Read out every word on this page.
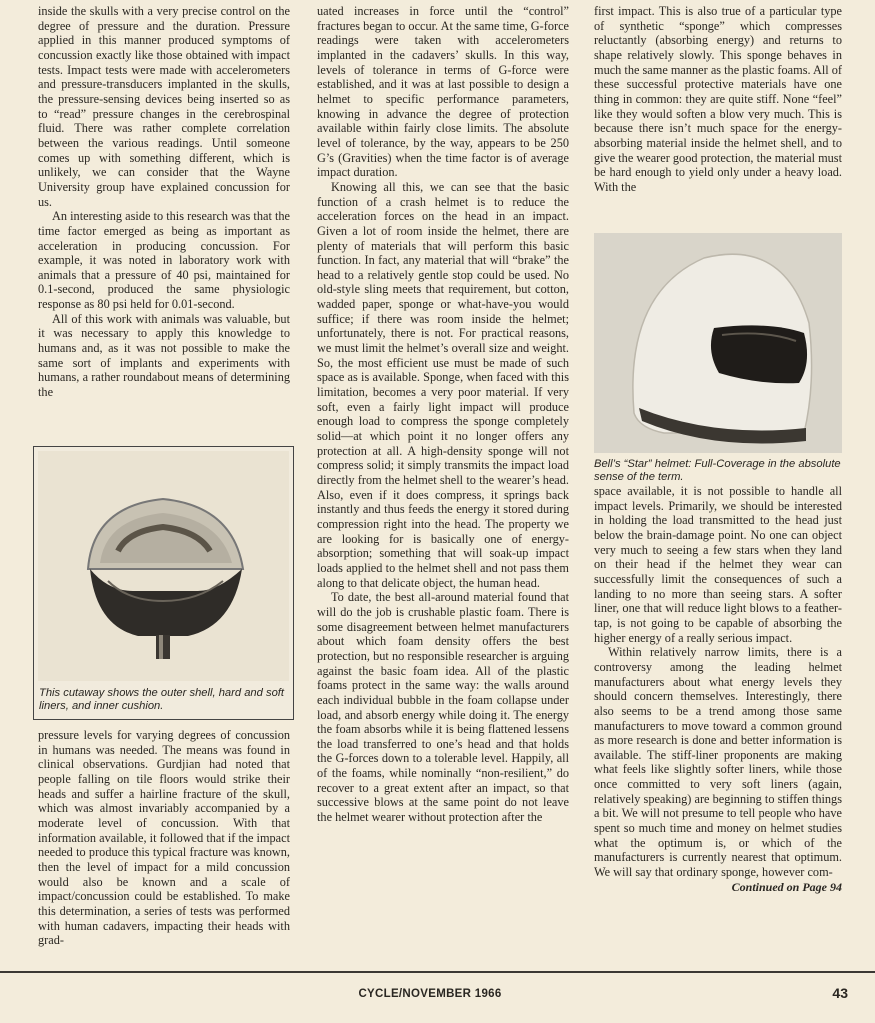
inside the skulls with a very precise control on the degree of pressure and the duration. Pressure applied in this manner produced symptoms of concussion exactly like those obtained with impact tests. Impact tests were made with accelerometers and pressure-transducers implanted in the skulls, the pressure-sensing devices being inserted so as to “read” pressure changes in the cerebrospinal fluid. There was rather complete correlation between the various readings. Until someone comes up with something different, which is unlikely, we can consider that the Wayne University group have explained concussion for us.

An interesting aside to this research was that the time factor emerged as being as important as acceleration in producing concussion. For example, it was noted in laboratory work with animals that a pressure of 40 psi, maintained for 0.1-second, produced the same physiologic response as 80 psi held for 0.01-second.

All of this work with animals was valuable, but it was necessary to apply this knowledge to humans and, as it was not possible to make the same sort of implants and experiments with humans, a rather roundabout means of determining the

This cutaway shows the outer shell, hard and soft liners, and inner cushion.

pressure levels for varying degrees of concussion in humans was needed. The means was found in clinical observations. Gurdjian had noted that people falling on tile floors would strike their heads and suffer a hairline fracture of the skull, which was almost invariably accompanied by a moderate level of concussion. With that information available, it followed that if the impact needed to produce this typical fracture was known, then the level of impact for a mild concussion would also be known and a scale of impact/concussion could be established. To make this determination, a series of tests was performed with human cadavers, impacting their heads with grad-

uated increases in force until the “control” fractures began to occur. At the same time, G-force readings were taken with accelerometers implanted in the cadavers’ skulls. In this way, levels of tolerance in terms of G-force were established, and it was at last possible to design a helmet to specific performance parameters, knowing in advance the degree of protection available within fairly close limits. The absolute level of tolerance, by the way, appears to be 250 G’s (Gravities) when the time factor is of average impact duration.

Knowing all this, we can see that the basic function of a crash helmet is to reduce the acceleration forces on the head in an impact. Given a lot of room inside the helmet, there are plenty of materials that will perform this basic function. In fact, any material that will “brake” the head to a relatively gentle stop could be used. No old-style sling meets that requirement, but cotton, wadded paper, sponge or what-have-you would suffice; if there was room inside the helmet; unfortunately, there is not. For practical reasons, we must limit the helmet’s overall size and weight. So, the most efficient use must be made of such space as is available. Sponge, when faced with this limitation, becomes a very poor material. If very soft, even a fairly light impact will produce enough load to compress the sponge completely solid—at which point it no longer offers any protection at all. A high-density sponge will not compress solid; it simply transmits the impact load directly from the helmet shell to the wearer’s head. Also, even if it does compress, it springs back instantly and thus feeds the energy it stored during compression right into the head. The property we are looking for is basically one of energy-absorption; something that will soak-up impact loads applied to the helmet shell and not pass them along to that delicate object, the human head.

To date, the best all-around material found that will do the job is crushable plastic foam. There is some disagreement between helmet manufacturers about which foam density offers the best protection, but no responsible researcher is arguing against the basic foam idea. All of the plastic foams protect in the same way: the walls around each individual bubble in the foam collapse under load, and absorb energy while doing it. The energy the foam absorbs while it is being flattened lessens the load transferred to one’s head and that holds the G-forces down to a tolerable level. Happily, all of the foams, while nominally “non-resilient,” do recover to a great extent after an impact, so that successive blows at the same point do not leave the helmet wearer without protection after the

first impact. This is also true of a particular type of synthetic “sponge” which compresses reluctantly (absorbing energy) and returns to shape relatively slowly. This sponge behaves in much the same manner as the plastic foams. All of these successful protective materials have one thing in common: they are quite stiff. None “feel” like they would soften a blow very much. This is because there isn’t much space for the energy-absorbing material inside the helmet shell, and to give the wearer good protection, the material must be hard enough to yield only under a heavy load. With the

Bell’s “Star” helmet: Full-Coverage in the absolute sense of the term.

space available, it is not possible to handle all impact levels. Primarily, we should be interested in holding the load transmitted to the head just below the brain-damage point. No one can object very much to seeing a few stars when they land on their head if the helmet they wear can successfully limit the consequences of such a landing to no more than seeing stars. A softer liner, one that will reduce light blows to a feather-tap, is not going to be capable of absorbing the higher energy of a really serious impact.

Within relatively narrow limits, there is a controversy among the leading helmet manufacturers about what energy levels they should concern themselves. Interestingly, there also seems to be a trend among those same manufacturers to move toward a common ground as more research is done and better information is available. The stiff-liner proponents are making what feels like slightly softer liners, while those once committed to very soft liners (again, relatively speaking) are beginning to stiffen things a bit. We will not presume to tell people who have spent so much time and money on helmet studies what the optimum is, or which of the manufacturers is currently nearest that optimum. We will say that ordinary sponge, however com-

Continued on Page 94

CYCLE/NOVEMBER 1966	43
